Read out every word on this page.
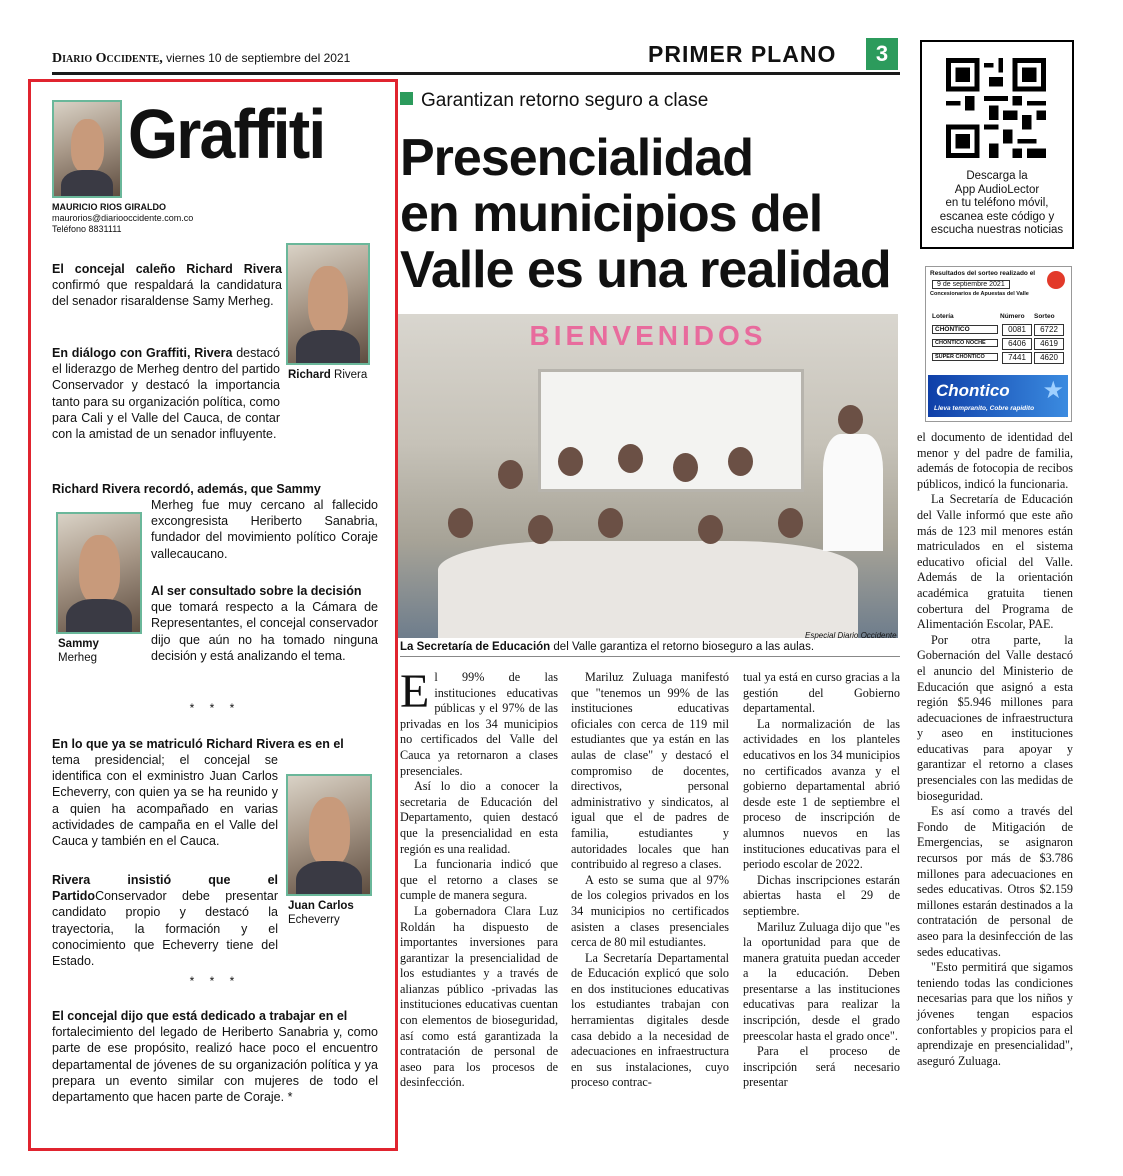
Diario Occidente, viernes 10 de septiembre del 2021	PRIMER PLANO	3
Graffiti
MAURICIO RIOS GIRALDO
maurorios@diariooccidente.com.co
Teléfono 8831111
El concejal caleño Richard Rivera confirmó que respaldará la candidatura del senador risaraldense Samy Merheg.
Richard Rivera
En diálogo con Graffiti, Rivera destacó el liderazgo de Merheg dentro del partido Conservador y destacó la importancia tanto para su organización política, como para Cali y el Valle del Cauca, de contar con la amistad de un senador influyente.
Richard Rivera recordó, además, que Sammy
Merheg fue muy cercano al fallecido excongresista Heriberto Sanabria, fundador del movimiento político Coraje vallecaucano.
Al ser consultado sobre la decisión
que tomará respecto a la Cámara de Representantes, el concejal conservador dijo que aún no ha tomado ninguna decisión y está analizando el tema.
Sammy
Merheg
* * *
En lo que ya se matriculó Richard Rivera es en el
tema presidencial; el concejal se identifica con el exministro Juan Carlos Echeverry, con quien ya se ha reunido y a quien ha acompañado en varias actividades de campaña en el Valle del Cauca y también en el Cauca.
Juan Carlos
Echeverry
Rivera insistió que el PartidoConservador debe presentar candidato propio y destacó la trayectoria, la formación y el conocimiento que Echeverry tiene del Estado.
* * *
El concejal dijo que está dedicado a trabajar en el
fortalecimiento del legado de Heriberto Sanabria y, como parte de ese propósito, realizó hace poco el encuentro departamental de jóvenes de su organización política y ya prepara un evento similar con mujeres de todo el departamento que hacen parte de Coraje. *
Garantizan retorno seguro a clase
Presencialidad
en municipios del
Valle es una realidad
BIENVENIDOS
Especial Diario Occidente
La Secretaría de Educación del Valle garantiza el retorno bioseguro a las aulas.

El 99% de las instituciones educativas públicas y el 97% de las privadas en los 34 municipios no certificados del Valle del Cauca ya retornaron a clases presenciales.

Así lo dio a conocer la secretaria de Educación del Departamento, quien destacó que la presencialidad en esta región es una realidad.

La funcionaria indicó que que el retorno a clases se cumple de manera segura.

La gobernadora Clara Luz Roldán ha dispuesto de importantes inversiones para garantizar la presencialidad de los estudiantes y a través de alianzas público -privadas las instituciones educativas cuentan con elementos de bioseguridad, así como está garantizada la contratación de personal de aseo para los procesos de desinfección.

Mariluz Zuluaga manifestó que "tenemos un 99% de las instituciones educativas oficiales con cerca de 119 mil estudiantes que ya están en las aulas de clase" y destacó el compromiso de docentes, directivos, personal administrativo y sindicatos, al igual que el de padres de familia, estudiantes y autoridades locales que han contribuido al regreso a clases.

A esto se suma que al 97% de los colegios privados en los 34 municipios no certificados asisten a clases presenciales cerca de 80 mil estudiantes.

La Secretaría Departamental de Educación explicó que solo en dos instituciones educativas los estudiantes trabajan con herramientas digitales desde casa debido a la necesidad de adecuaciones en infraestructura en sus instalaciones, cuyo proceso contrac-

tual ya está en curso gracias a la gestión del Gobierno departamental.

La normalización de las actividades en los planteles educativos en los 34 municipios no certificados avanza y el gobierno departamental abrió desde este 1 de septiembre el proceso de inscripción de alumnos nuevos en las instituciones educativas para el periodo escolar de 2022.

Dichas inscripciones estarán abiertas hasta el 29 de septiembre.

Mariluz Zuluaga dijo que "es la oportunidad para que de manera gratuita puedan acceder a la educación. Deben presentarse a las instituciones educativas para realizar la inscripción, desde el grado preescolar hasta el grado once".

Para el proceso de inscripción será necesario presentar

el documento de identidad del menor y del padre de familia, además de fotocopia de recibos públicos, indicó la funcionaria.

La Secretaría de Educación del Valle informó que este año más de 123 mil menores están matriculados en el sistema educativo oficial del Valle. Además de la orientación académica gratuita tienen cobertura del Programa de Alimentación Escolar, PAE.

Por otra parte, la Gobernación del Valle destacó el anuncio del Ministerio de Educación que asignó a esta región $5.946 millones para adecuaciones de infraestructura y aseo en instituciones educativas para apoyar y garantizar el retorno a clases presenciales con las medidas de bioseguridad.

Es así como a través del Fondo de Mitigación de Emergencias, se asignaron recursos por más de $3.786 millones para adecuaciones en sedes educativas. Otros $2.159 millones estarán destinados a la contratación de personal de aseo para la desinfección de las sedes educativas.

"Esto permitirá que sigamos teniendo todas las condiciones necesarias para que los niños y jóvenes tengan espacios confortables y propicios para el aprendizaje en presencialidad", aseguró Zuluaga.

Descarga la
App AudioLector
en tu teléfono móvil,
escanea este código y
escucha nuestras noticias
Resultados del sorteo realizado el
9 de septiembre 2021
Concesionarios de Apuestas del Valle
Lotería	Número Sorteo
CHONTICO	0081	6722
CHONTICO NOCHE	6406	4619
SUPER CHONTICO	7441	4620
Chontico
Lleva tempranito, Cobre rapidito
★
